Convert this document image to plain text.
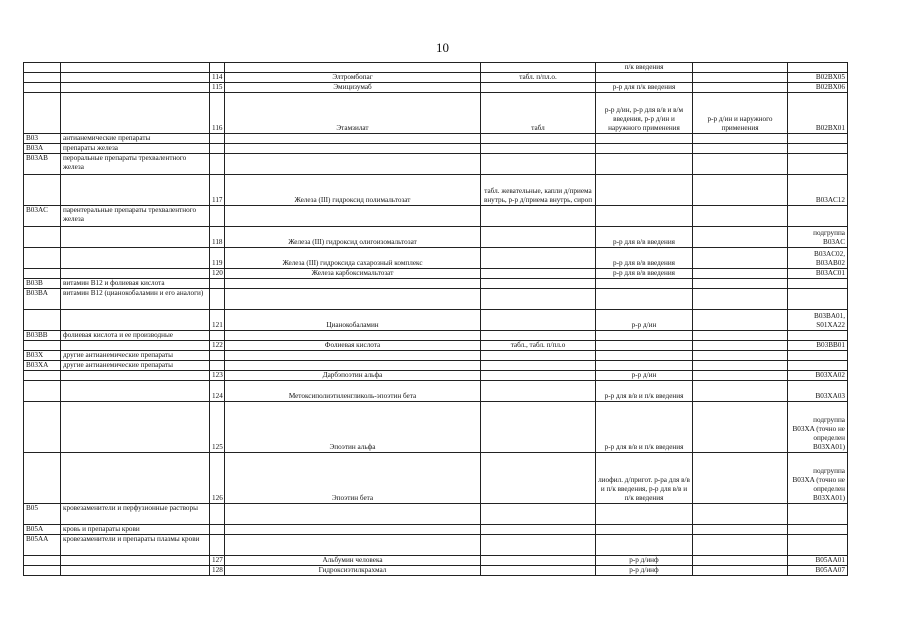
10
					п/к введения		
		114	Элтромбопаг	табл. п/пл.о.			B02BX05
		115	Эмицизумаб		р-р для п/к введения		B02BX06
		116	Этамзилат	табл	р-р д/ин, р-р для в/в и в/м введения, р-р д/ин и наружного применения	р-р д/ин и наружного применения	B02BX01
B03	антианемические препараты						
B03A	препараты железа						
B03AB	пероральные препараты трехвалентного железа						
		117	Железа (III) гидроксид полимальтозат	табл. жевательные, капли д/приема внутрь, р-р д/приема внутрь, сироп			B03AC12
B03AC	парентеральные препараты трехвалентного железа						
		118	Железа (III) гидроксид олигоизомальтозат		р-р для в/в введения		подгруппа B03AC
		119	Железа (III) гидроксида сахарозный комплекс		р-р для в/в введения		B03AC02, B03AB02
		120	Железа карбоксимальтозат		р-р для в/в введения		B03AC01
B03B	витамин B12 и фолиевая кислота						
B03BA	витамин B12 (цианокобаламин и его аналоги)						
		121	Цианокобаламин		р-р д/ин		B03BA01, S01XA22
B03BB	фолиевая кислота и ее производные						
		122	Фолиевая кислота	табл., табл. п/пл.о			B03BB01
B03X	другие антианемические препараты						
B03XA	другие антианемические препараты						
		123	Дарбэпоэтин альфа		р-р д/ин		B03XA02
		124	Метоксиполиэтиленгликоль-эпоэтин бета		р-р для в/в и п/к введения		B03XA03
		125	Эпоэтин альфа		р-р для в/в и п/к введения		подгруппа B03XA (точно не определен B03XA01)
		126	Эпоэтин бета		лиофил. д/пригот. р-ра для в/в и п/к введения, р-р для в/в и п/к введения		подгруппа B03XA (точно не определен B03XA01)
B05	кровезаменители и перфузионные растворы						
B05A	кровь и препараты крови						
B05AA	кровезаменители и препараты плазмы крови						
		127	Альбумин человека		р-р д/инф		B05AA01
		128	Гидроксиэтилкрахмал		р-р д/инф		B05AA07
